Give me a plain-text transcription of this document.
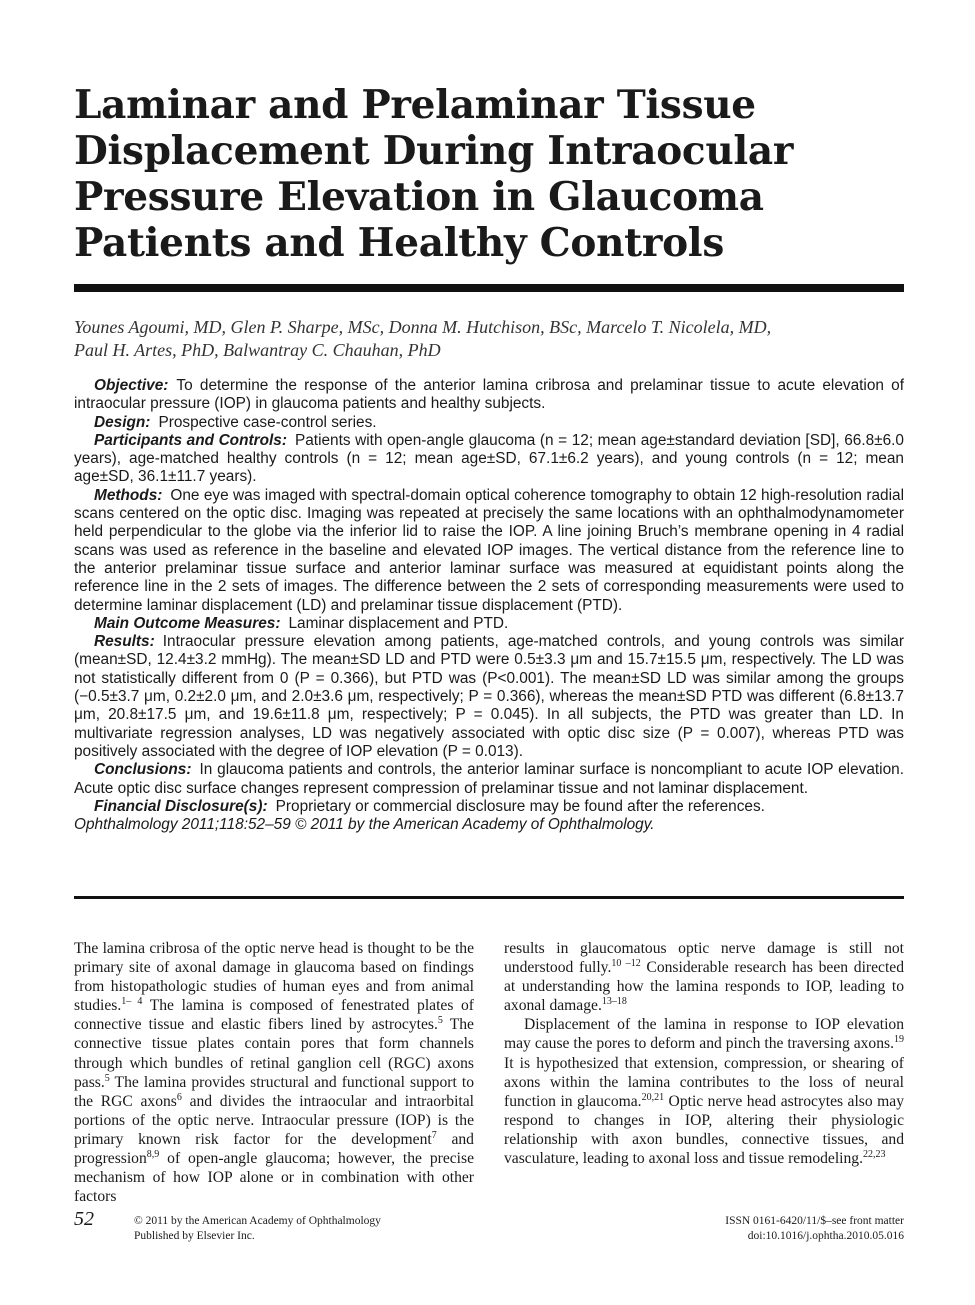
Laminar and Prelaminar Tissue Displacement During Intraocular Pressure Elevation in Glaucoma Patients and Healthy Controls
Younes Agoumi, MD, Glen P. Sharpe, MSc, Donna M. Hutchison, BSc, Marcelo T. Nicolela, MD,
Paul H. Artes, PhD, Balwantray C. Chauhan, PhD

Objective: To determine the response of the anterior lamina cribrosa and prelaminar tissue to acute elevation of intraocular pressure (IOP) in glaucoma patients and healthy subjects.

Design: Prospective case-control series.

Participants and Controls: Patients with open-angle glaucoma (n = 12; mean age±standard deviation [SD], 66.8±6.0 years), age-matched healthy controls (n = 12; mean age±SD, 67.1±6.2 years), and young controls (n = 12; mean age±SD, 36.1±11.7 years).

Methods: One eye was imaged with spectral-domain optical coherence tomography to obtain 12 high-resolution radial scans centered on the optic disc. Imaging was repeated at precisely the same locations with an ophthalmodynamometer held perpendicular to the globe via the inferior lid to raise the IOP. A line joining Bruch’s membrane opening in 4 radial scans was used as reference in the baseline and elevated IOP images. The vertical distance from the reference line to the anterior prelaminar tissue surface and anterior laminar surface was measured at equidistant points along the reference line in the 2 sets of images. The difference between the 2 sets of corresponding measurements were used to determine laminar displacement (LD) and prelaminar tissue displacement (PTD).

Main Outcome Measures: Laminar displacement and PTD.

Results: Intraocular pressure elevation among patients, age-matched controls, and young controls was similar (mean±SD, 12.4±3.2 mmHg). The mean±SD LD and PTD were 0.5±3.3 μm and 15.7±15.5 μm, respectively. The LD was not statistically different from 0 (P = 0.366), but PTD was (P<0.001). The mean±SD LD was similar among the groups (−0.5±3.7 μm, 0.2±2.0 μm, and 2.0±3.6 μm, respectively; P = 0.366), whereas the mean±SD PTD was different (6.8±13.7 μm, 20.8±17.5 μm, and 19.6±11.8 μm, respectively; P = 0.045). In all subjects, the PTD was greater than LD. In multivariate regression analyses, LD was negatively associated with optic disc size (P = 0.007), whereas PTD was positively associated with the degree of IOP elevation (P = 0.013).

Conclusions: In glaucoma patients and controls, the anterior laminar surface is noncompliant to acute IOP elevation. Acute optic disc surface changes represent compression of prelaminar tissue and not laminar displacement.

Financial Disclosure(s): Proprietary or commercial disclosure may be found after the references.

Ophthalmology 2011;118:52–59 © 2011 by the American Academy of Ophthalmology.

The lamina cribrosa of the optic nerve head is thought to be the primary site of axonal damage in glaucoma based on findings from histopathologic studies of human eyes and from animal studies.$^{1- 4}$ The lamina is composed of fenestrated plates of connective tissue and elastic fibers lined by astrocytes.$^5$ The connective tissue plates contain pores that form channels through which bundles of retinal ganglion cell (RGC) axons pass.$^5$ The lamina provides structural and functional support to the RGC axons$^6$ and divides the intraocular and intraorbital portions of the optic nerve. Intraocular pressure (IOP) is the primary known risk factor for the development$^7$ and progression$^{8,9}$ of open-angle glaucoma; however, the precise mechanism of how IOP alone or in combination with other factors

results in glaucomatous optic nerve damage is still not understood fully.$^{10 -12}$ Considerable research has been directed at understanding how the lamina responds to IOP, leading to axonal damage.$^{13-18}$

Displacement of the lamina in response to IOP elevation may cause the pores to deform and pinch the traversing axons.$^{19}$ It is hypothesized that extension, compression, or shearing of axons within the lamina contributes to the loss of neural function in glaucoma.$^{20,21}$ Optic nerve head astrocytes also may respond to changes in IOP, altering their physiologic relationship with axon bundles, connective tissues, and vasculature, leading to axonal loss and tissue remodeling.$^{22,23}$

52	© 2011 by the American Academy of Ophthalmology
Published by Elsevier Inc.
ISSN 0161-6420/11/$–see front matter
doi:10.1016/j.ophtha.2010.05.016
